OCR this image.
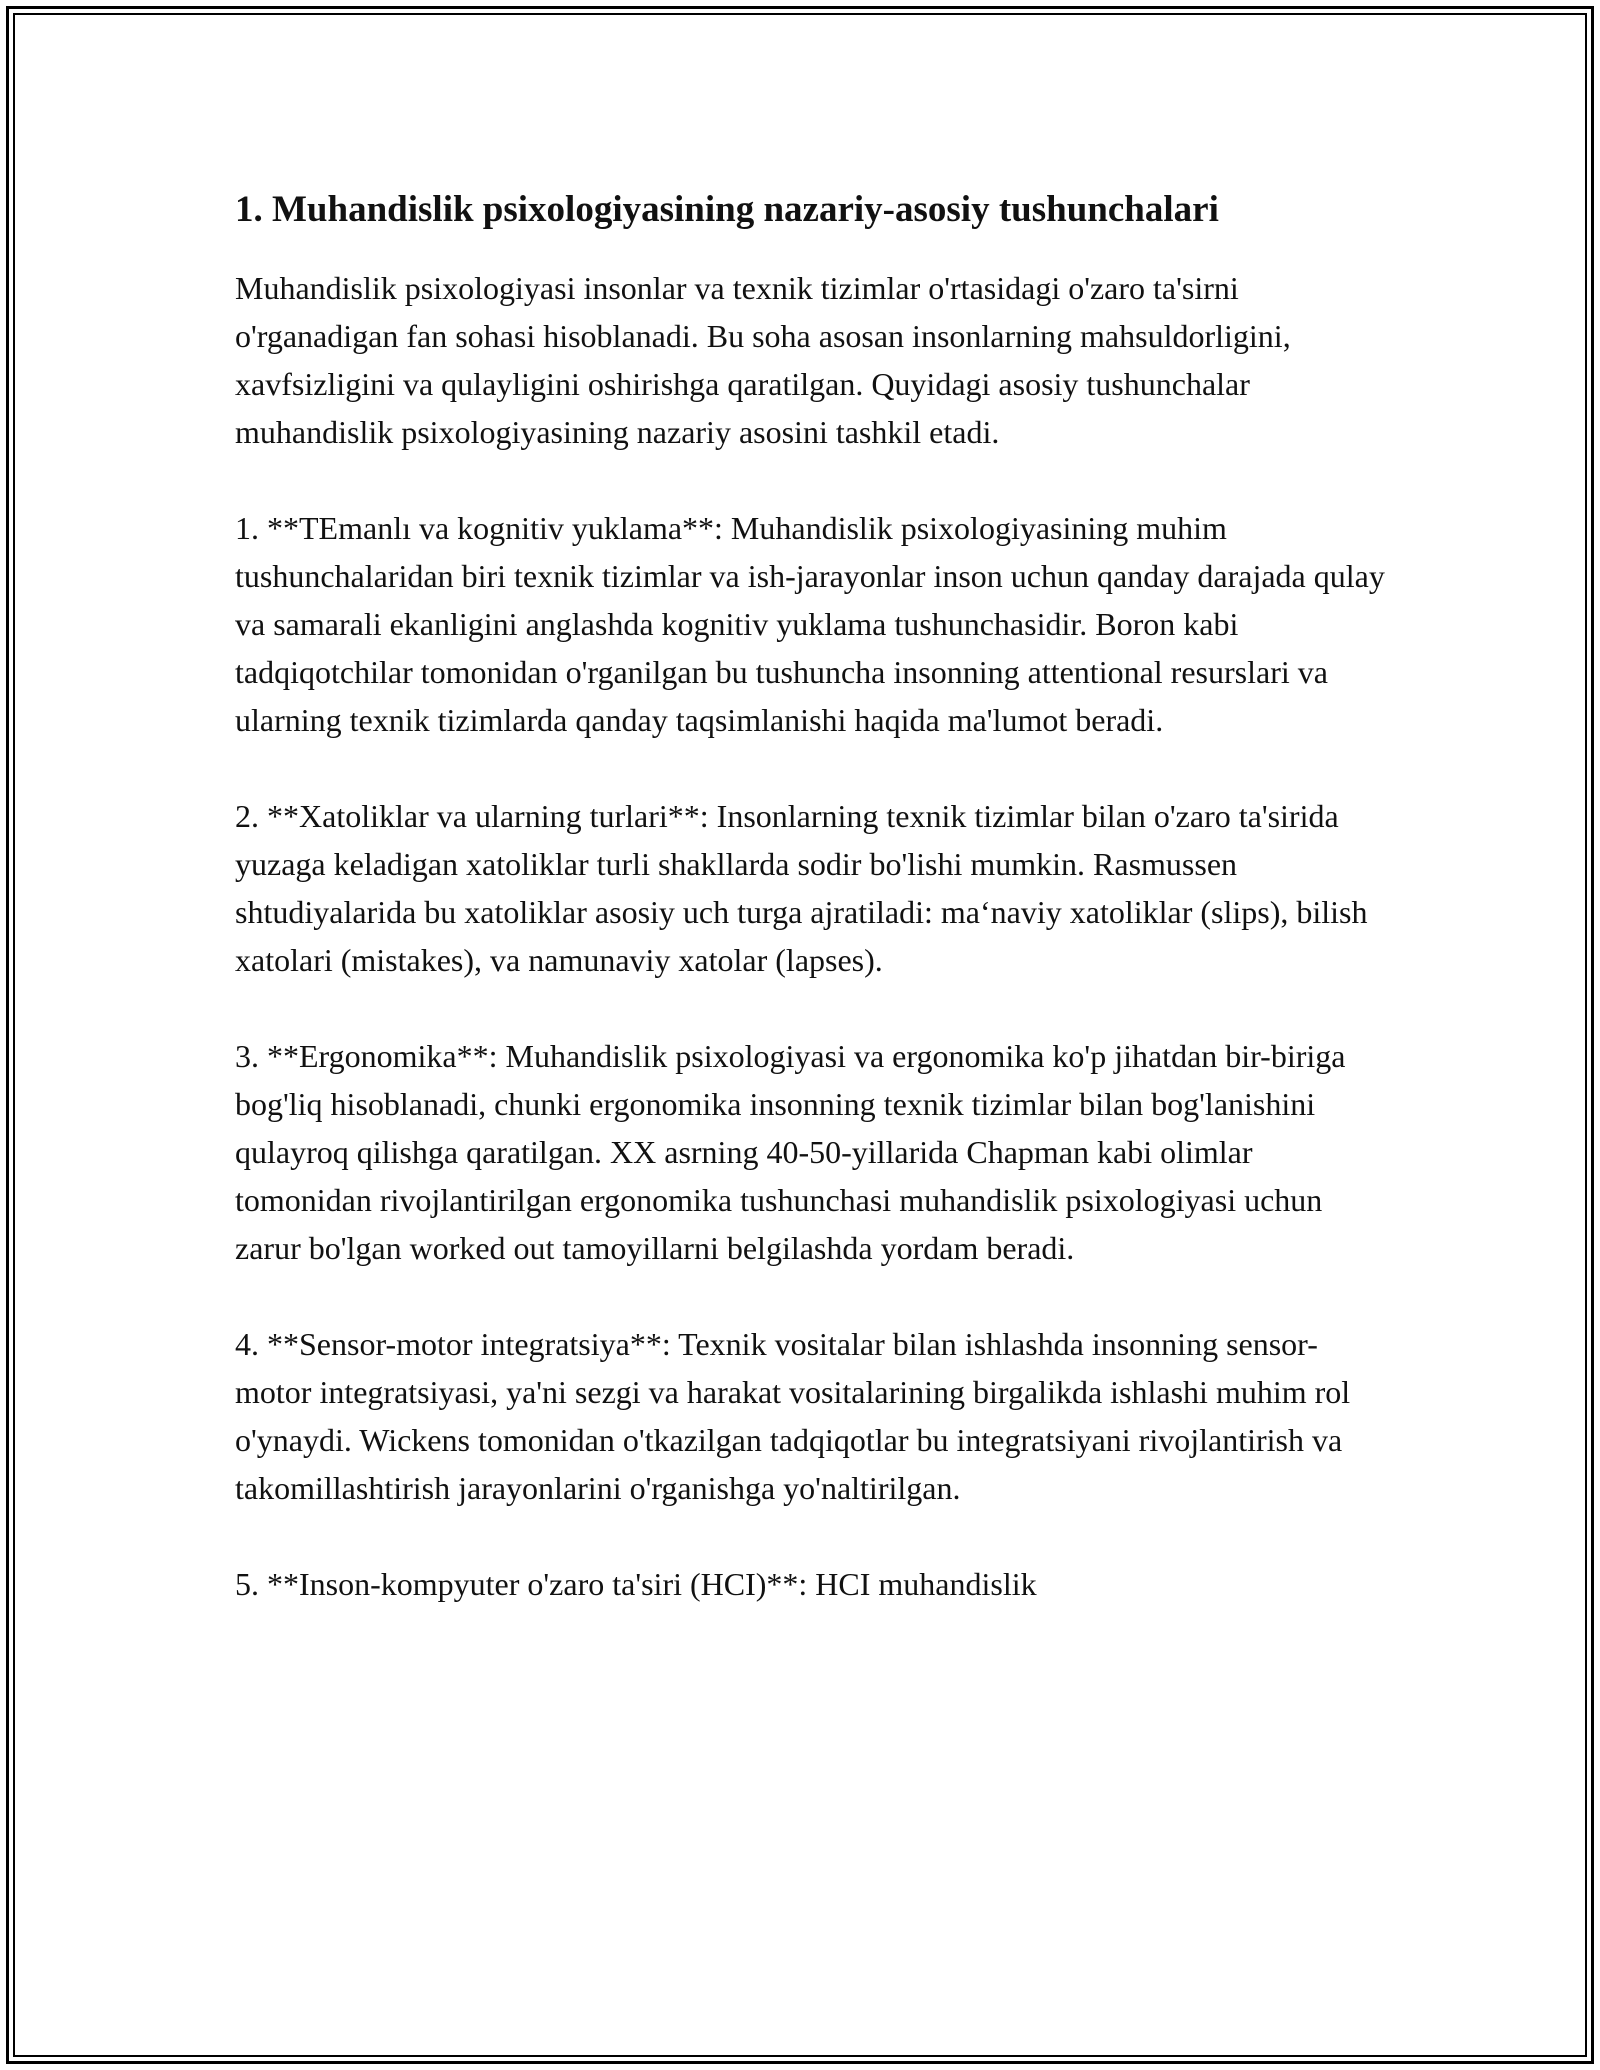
1. Muhandislik psixologiyasining nazariy-asosiy tushunchalari

Muhandislik psixologiyasi insonlar va texnik tizimlar o'rtasidagi o'zaro ta'sirni o'rganadigan fan sohasi hisoblanadi. Bu soha asosan insonlarning mahsuldorligini, xavfsizligini va qulayligini oshirishga qaratilgan. Quyidagi asosiy tushunchalar muhandislik psixologiyasining nazariy asosini tashkil etadi.

1. **TEmanlı va kognitiv yuklama**: Muhandislik psixologiyasining muhim tushunchalaridan biri texnik tizimlar va ish-jarayonlar inson uchun qanday darajada qulay va samarali ekanligini anglashda kognitiv yuklama tushunchasidir. Boron kabi tadqiqotchilar tomonidan o'rganilgan bu tushuncha insonning attentional resurslari va ularning texnik tizimlarda qanday taqsimlanishi haqida ma'lumot beradi.

2. **Xatoliklar va ularning turlari**: Insonlarning texnik tizimlar bilan o'zaro ta'sirida yuzaga keladigan xatoliklar turli shakllarda sodir bo'lishi mumkin. Rasmussen shtudiyalarida bu xatoliklar asosiy uch turga ajratiladi: ma‘naviy xatoliklar (slips), bilish xatolari (mistakes), va namunaviy xatolar (lapses).

3. **Ergonomika**: Muhandislik psixologiyasi va ergonomika ko'p jihatdan bir-biriga bog'liq hisoblanadi, chunki ergonomika insonning texnik tizimlar bilan bog'lanishini qulayroq qilishga qaratilgan. XX asrning 40-50-yillarida Chapman kabi olimlar tomonidan rivojlantirilgan ergonomika tushunchasi muhandislik psixologiyasi uchun zarur bo'lgan worked out tamoyillarni belgilashda yordam beradi.

4. **Sensor-motor integratsiya**: Texnik vositalar bilan ishlashda insonning sensor-motor integratsiyasi, ya'ni sezgi va harakat vositalarining birgalikda ishlashi muhim rol o'ynaydi. Wickens tomonidan o'tkazilgan tadqiqotlar bu integratsiyani rivojlantirish va takomillashtirish jarayonlarini o'rganishga yo'naltirilgan.

5. **Inson-kompyuter o'zaro ta'siri (HCI)**: HCI muhandislik
